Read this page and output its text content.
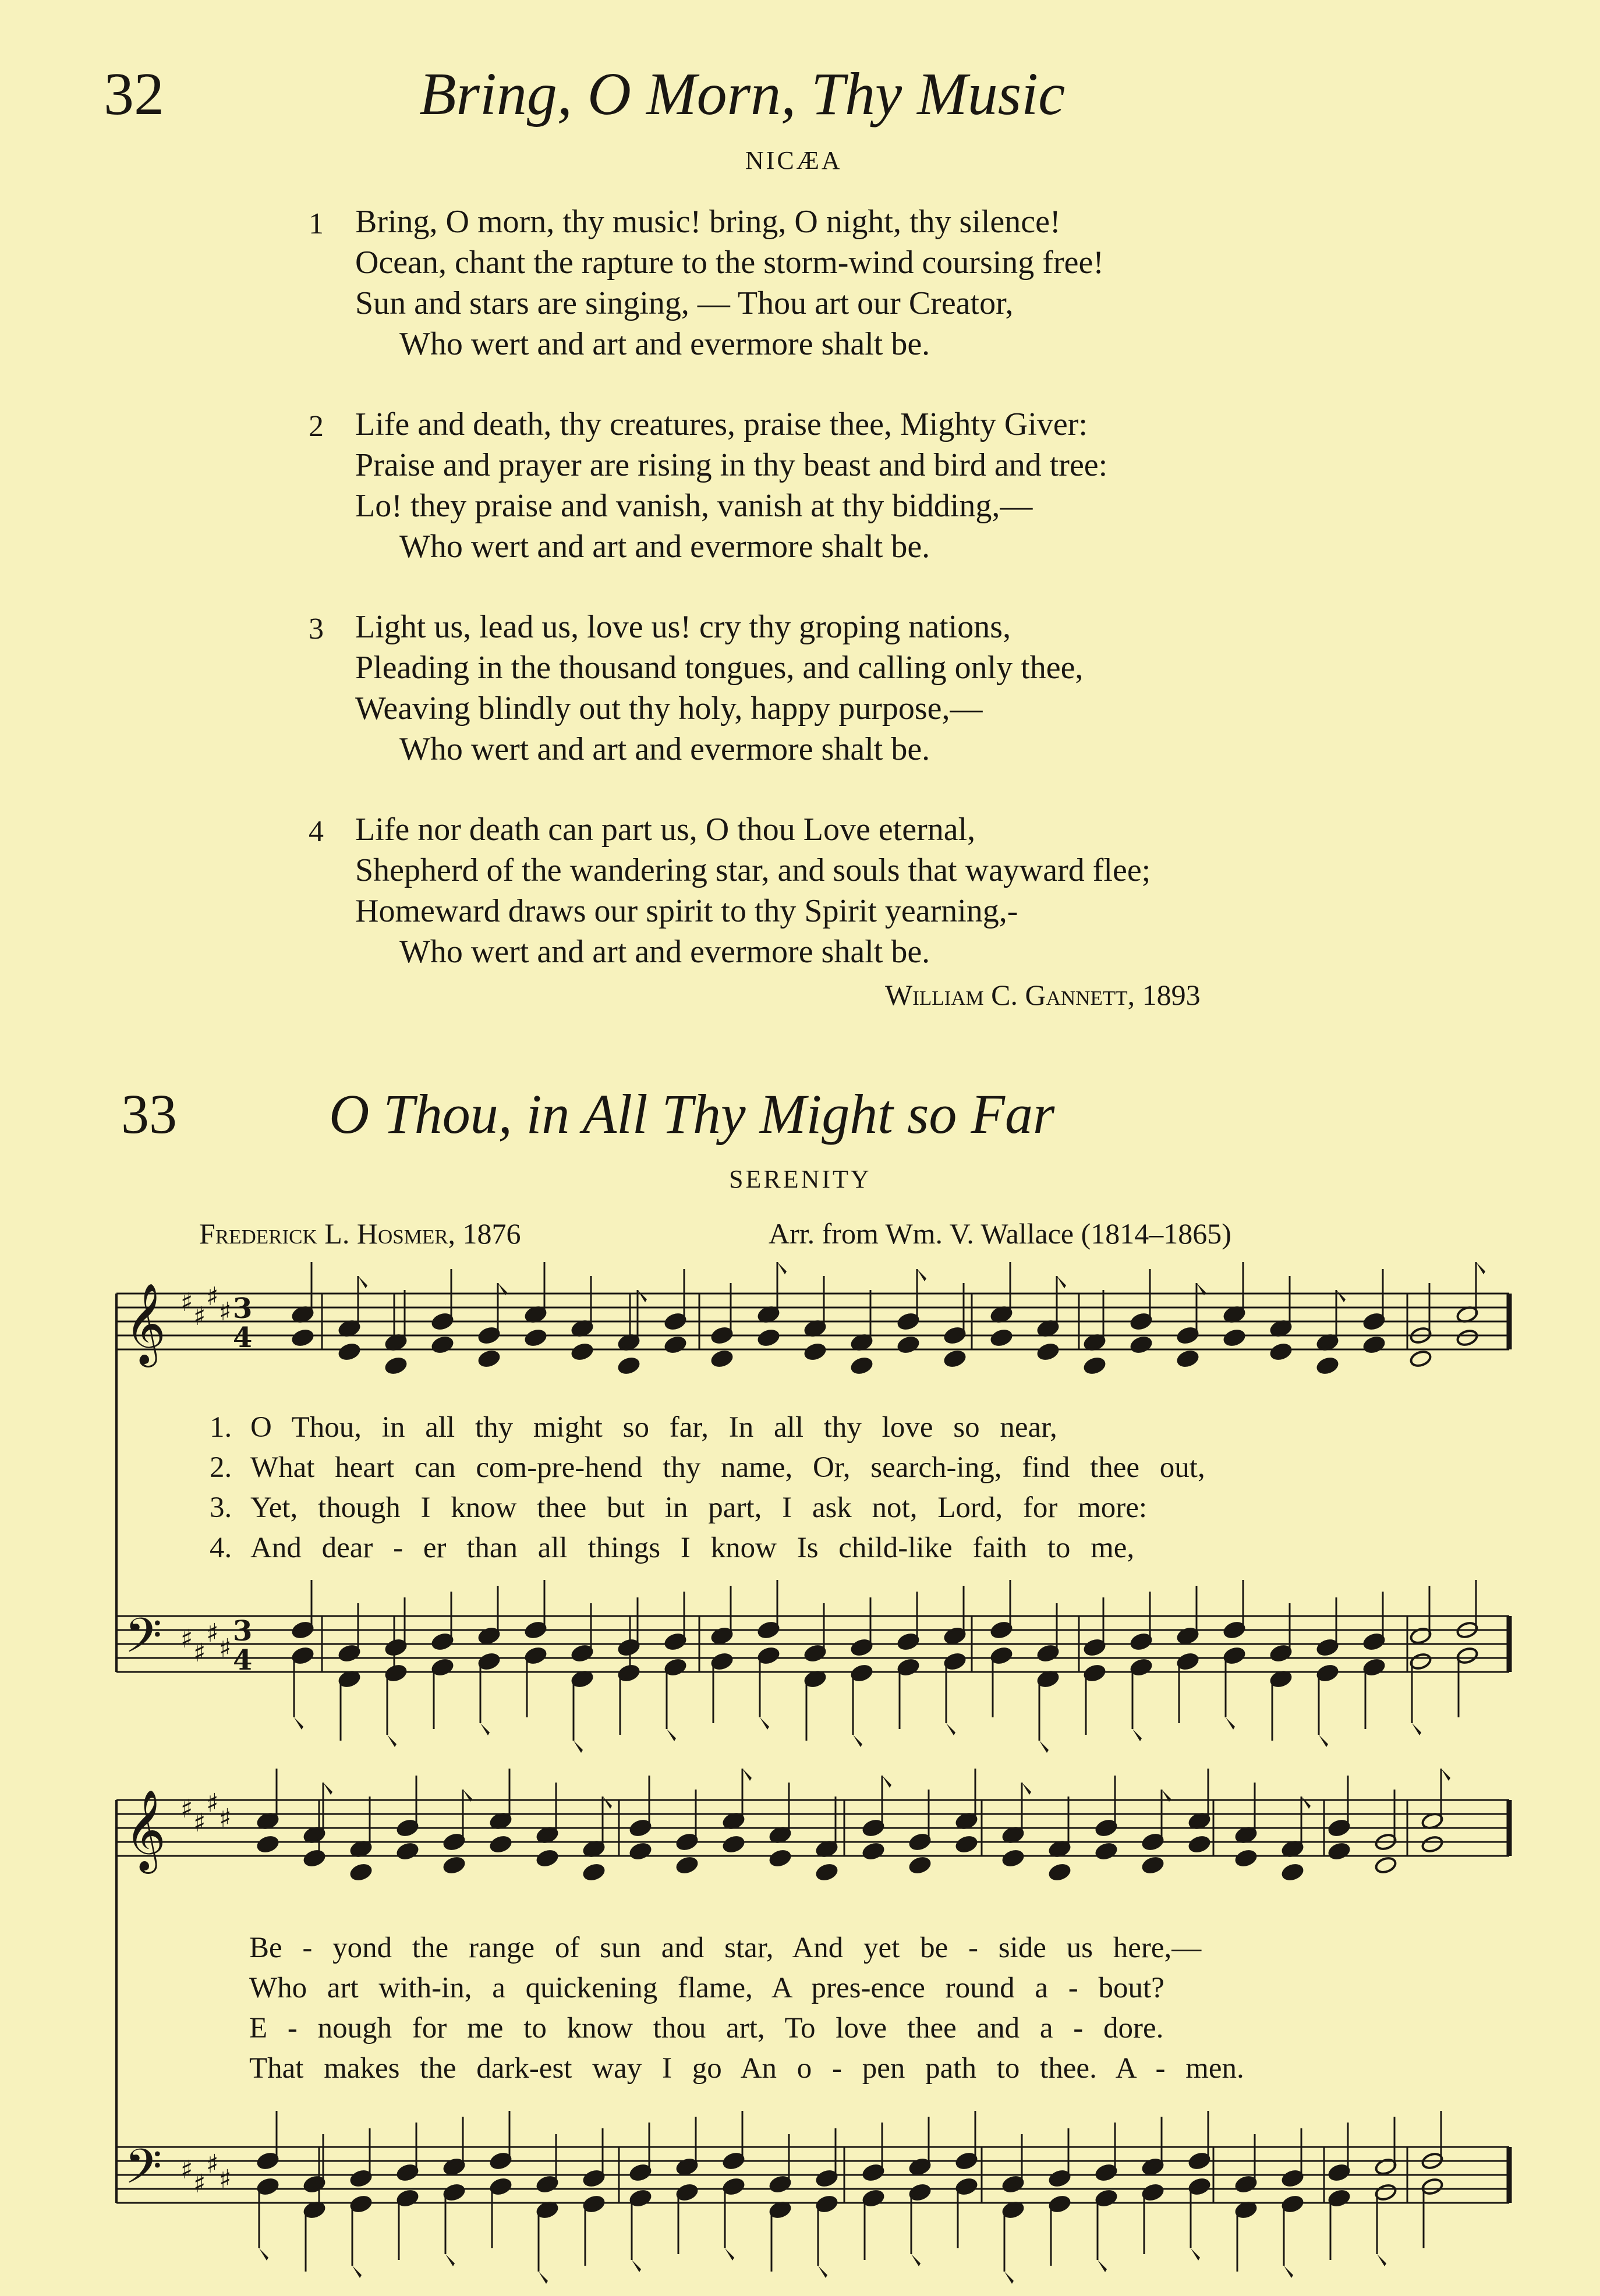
32	Bring, O Morn, Thy Music
NICÆA
1 Bring, O morn, thy music! bring, O night, thy silence!
Ocean, chant the rapture to the storm-wind coursing free!
Sun and stars are singing, — Thou art our Creator,
Who wert and art and evermore shalt be.
2 Life and death, thy creatures, praise thee, Mighty Giver:
Praise and prayer are rising in thy beast and bird and tree:
Lo! they praise and vanish, vanish at thy bidding,—
Who wert and art and evermore shalt be.
3 Light us, lead us, love us! cry thy groping nations,
Pleading in the thousand tongues, and calling only thee,
Weaving blindly out thy holy, happy purpose,—
Who wert and art and evermore shalt be.
4 Life nor death can part us, O thou Love eternal,
Shepherd of the wandering star, and souls that wayward flee;
Homeward draws our spirit to thy Spirit yearning,-
Who wert and art and evermore shalt be.
William C. Gannett, 1893
33	O Thou, in All Thy Might so Far
SERENITY
Frederick L. Hosmer, 1876	Arr. from Wm. V. Wallace (1814–1865)
𝄞
𝄢
♯ ♯
♯
♯
♯ ♯
♯
♯
3
4
3
4
𝄞
𝄢
♯ ♯
♯
♯
♯ ♯
♯
♯
1. O Thou, in all thy might so far, In all thy love so near,
2. What heart can com-pre-hend thy name, Or, search-ing, find thee out,
3. Yet, though I know thee but in part, I ask not, Lord, for more:
4. And dear - er than all things I know Is child-like faith to me,
Be - yond the range of sun and star, And yet be - side us here,—
Who art with-in, a quickening flame, A pres-ence round a - bout?
E - nough for me to know thou art, To love thee and a - dore.
That makes the dark-est way I go An o - pen path to thee. A - men.
